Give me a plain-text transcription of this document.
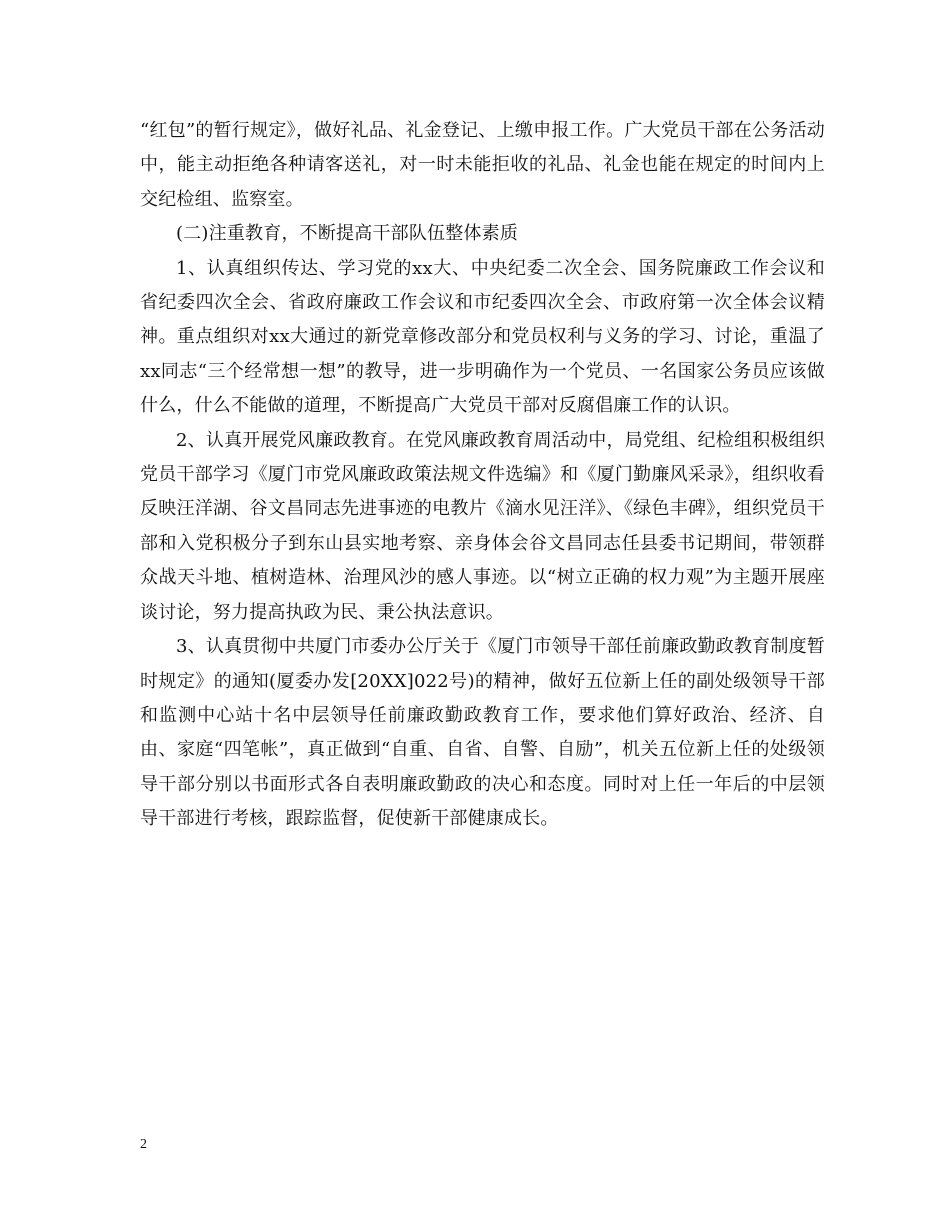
“红包”的暂行规定》，做好礼品、礼金登记、上缴申报工作。广大党员干部在公务活动中，能主动拒绝各种请客送礼，对一时未能拒收的礼品、礼金也能在规定的时间内上交纪检组、监察室。

(二)注重教育，不断提高干部队伍整体素质

1、认真组织传达、学习党的xx大、中央纪委二次全会、国务院廉政工作会议和省纪委四次全会、省政府廉政工作会议和市纪委四次全会、市政府第一次全体会议精神。重点组织对xx大通过的新党章修改部分和党员权利与义务的学习、讨论，重温了xx同志“三个经常想一想”的教导，进一步明确作为一个党员、一名国家公务员应该做什么，什么不能做的道理，不断提高广大党员干部对反腐倡廉工作的认识。

2、认真开展党风廉政教育。在党风廉政教育周活动中，局党组、纪检组积极组织党员干部学习《厦门市党风廉政政策法规文件选编》和《厦门勤廉风采录》，组织收看反映汪洋湖、谷文昌同志先进事迹的电教片《滴水见汪洋》、《绿色丰碑》，组织党员干部和入党积极分子到东山县实地考察、亲身体会谷文昌同志任县委书记期间，带领群众战天斗地、植树造林、治理风沙的感人事迹。以“树立正确的权力观”为主题开展座谈讨论，努力提高执政为民、秉公执法意识。

3、认真贯彻中共厦门市委办公厅关于《厦门市领导干部任前廉政勤政教育制度暂时规定》的通知(厦委办发[20XX]022号)的精神，做好五位新上任的副处级领导干部和监测中心站十名中层领导任前廉政勤政教育工作，要求他们算好政治、经济、自由、家庭“四笔帐”，真正做到“自重、自省、自警、自励”，机关五位新上任的处级领导干部分别以书面形式各自表明廉政勤政的决心和态度。同时对上任一年后的中层领导干部进行考核，跟踪监督，促使新干部健康成长。

2
